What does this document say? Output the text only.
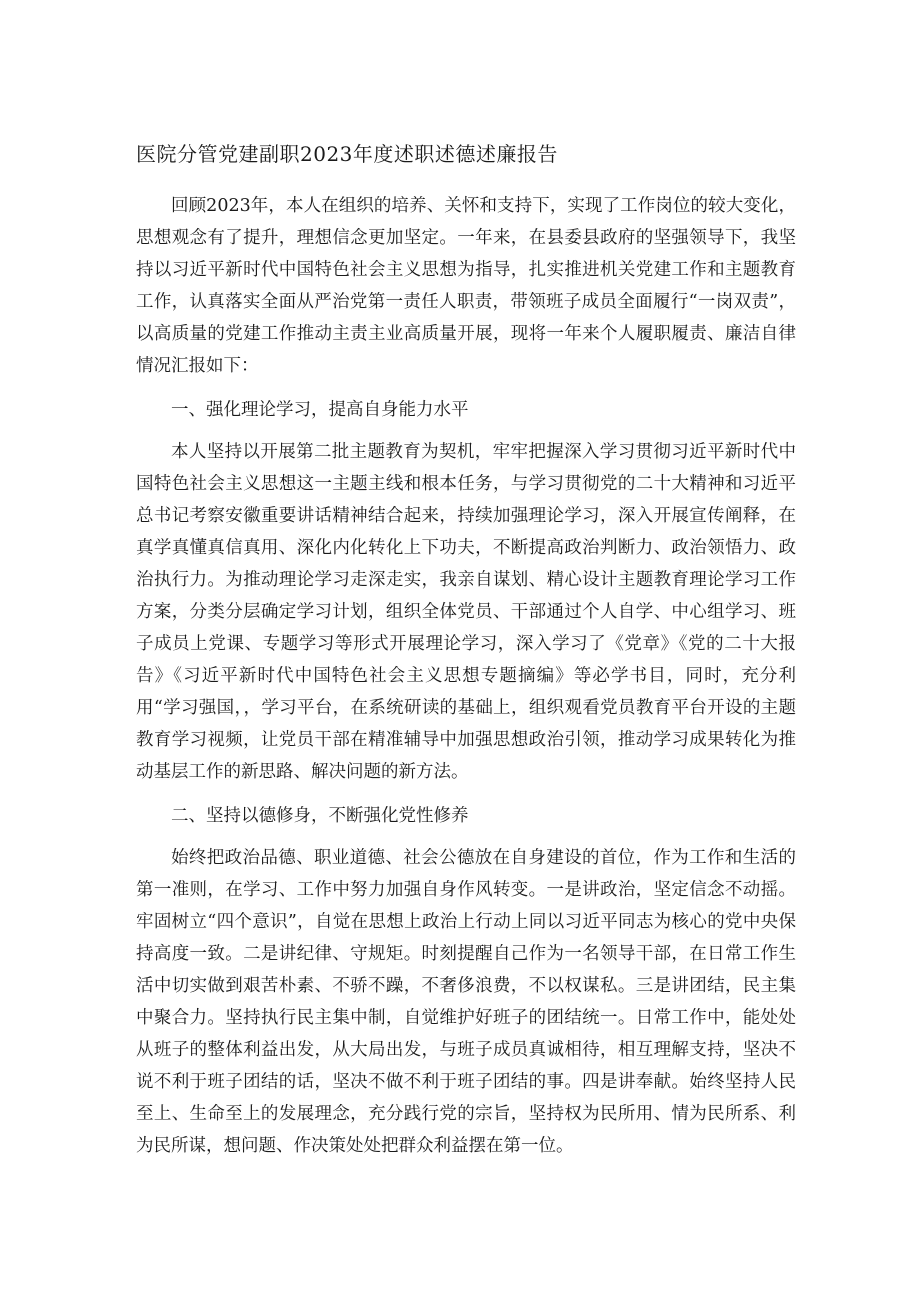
医院分管党建副职2023年度述职述德述廉报告

回顾2023年，本人在组织的培养、关怀和支持下，实现了工作岗位的较大变化，思想观念有了提升，理想信念更加坚定。一年来，在县委县政府的坚强领导下，我坚持以习近平新时代中国特色社会主义思想为指导，扎实推进机关党建工作和主题教育工作，认真落实全面从严治党第一责任人职责，带领班子成员全面履行“一岗双责”，以高质量的党建工作推动主责主业高质量开展，现将一年来个人履职履责、廉洁自律情况汇报如下：

一、强化理论学习，提高自身能力水平

本人坚持以开展第二批主题教育为契机，牢牢把握深入学习贯彻习近平新时代中国特色社会主义思想这一主题主线和根本任务，与学习贯彻党的二十大精神和习近平总书记考察安徽重要讲话精神结合起来，持续加强理论学习，深入开展宣传阐释，在真学真懂真信真用、深化内化转化上下功夫，不断提高政治判断力、政治领悟力、政治执行力。为推动理论学习走深走实，我亲自谋划、精心设计主题教育理论学习工作方案，分类分层确定学习计划，组织全体党员、干部通过个人自学、中心组学习、班子成员上党课、专题学习等形式开展理论学习，深入学习了《党章》《党的二十大报告》《习近平新时代中国特色社会主义思想专题摘编》等必学书目，同时，充分利用“学习强国，，学习平台，在系统研读的基础上，组织观看党员教育平台开设的主题教育学习视频，让党员干部在精准辅导中加强思想政治引领，推动学习成果转化为推动基层工作的新思路、解决问题的新方法。

二、坚持以德修身，不断强化党性修养

始终把政治品德、职业道德、社会公德放在自身建设的首位，作为工作和生活的第一准则，在学习、工作中努力加强自身作风转变。一是讲政治，坚定信念不动摇。牢固树立“四个意识”，自觉在思想上政治上行动上同以习近平同志为核心的党中央保持高度一致。二是讲纪律、守规矩。时刻提醒自己作为一名领导干部，在日常工作生活中切实做到艰苦朴素、不骄不躁，不奢侈浪费，不以权谋私。三是讲团结，民主集中聚合力。坚持执行民主集中制，自觉维护好班子的团结统一。日常工作中，能处处从班子的整体利益出发，从大局出发，与班子成员真诚相待，相互理解支持，坚决不说不利于班子团结的话，坚决不做不利于班子团结的事。四是讲奉献。始终坚持人民至上、生命至上的发展理念，充分践行党的宗旨，坚持权为民所用、情为民所系、利为民所谋，想问题、作决策处处把群众利益摆在第一位。
